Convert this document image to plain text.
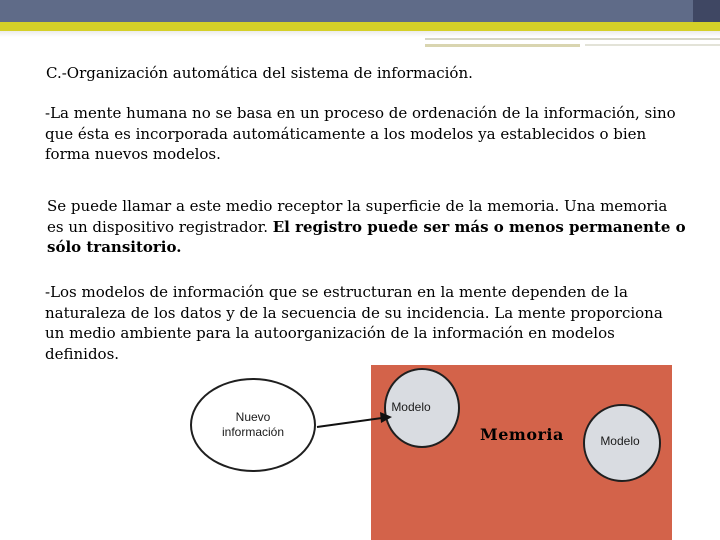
C.-Organización automática del sistema de información.
-La mente humana no se basa en un proceso de ordenación de la información, sino que ésta es incorporada automáticamente a los modelos ya establecidos o bien forma nuevos modelos.
Se puede llamar a este medio receptor la superficie de la memoria. Una memoria es un dispositivo registrador. El registro puede ser más o menos permanente o sólo transitorio.
-Los modelos de información que se estructuran en la mente dependen de la naturaleza de los datos y de la secuencia de su incidencia. La mente proporciona un medio ambiente para la autoorganización de la información en modelos definidos.
Memoria
Nuevo
información
Modelo
Modelo
